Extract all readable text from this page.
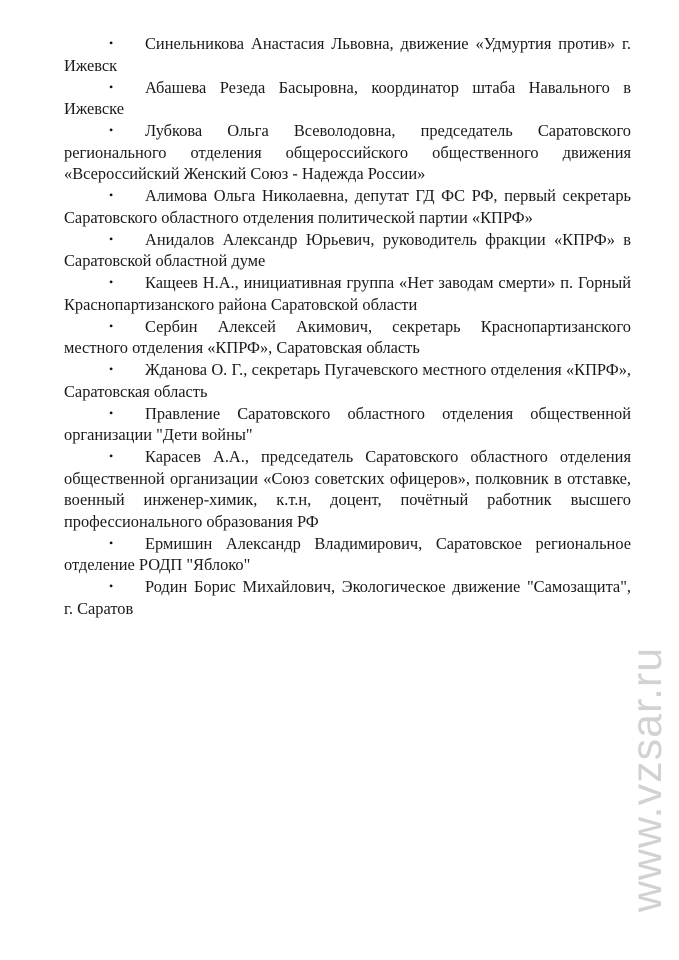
• Синельникова Анастасия Львовна, движение «Удмуртия против» г. Ижевск
• Абашева Резеда Басыровна, координатор штаба Навального в Ижевске
• Лубкова Ольга Всеволодовна, председатель Саратовского регионального отделения общероссийского общественного движения «Всероссийский Женский Союз - Надежда России»
• Алимова Ольга Николаевна, депутат ГД ФС РФ, первый секретарь Саратовского областного отделения политической партии «КПРФ»
• Анидалов Александр Юрьевич, руководитель фракции «КПРФ» в Саратовской областной думе
• Кащеев Н.А., инициативная группа «Нет заводам смерти» п. Горный Краснопартизанского района Саратовской области
• Сербин Алексей Акимович, секретарь Краснопартизанского местного отделения «КПРФ», Саратовская область
• Жданова О. Г., секретарь Пугачевского местного отделения «КПРФ», Саратовская область
• Правление Саратовского областного отделения общественной организации "Дети войны"
• Карасев А.А., председатель Саратовского областного отделения общественной организации «Союз советских офицеров», полковник в отставке, военный инженер-химик, к.т.н, доцент, почётный работник высшего профессионального образования РФ
• Ермишин Александр Владимирович, Саратовское региональное отделение РОДП "Яблоко"
• Родин Борис Михайлович, Экологическое движение "Самозащита", г. Саратов
www.vzsar.ru
